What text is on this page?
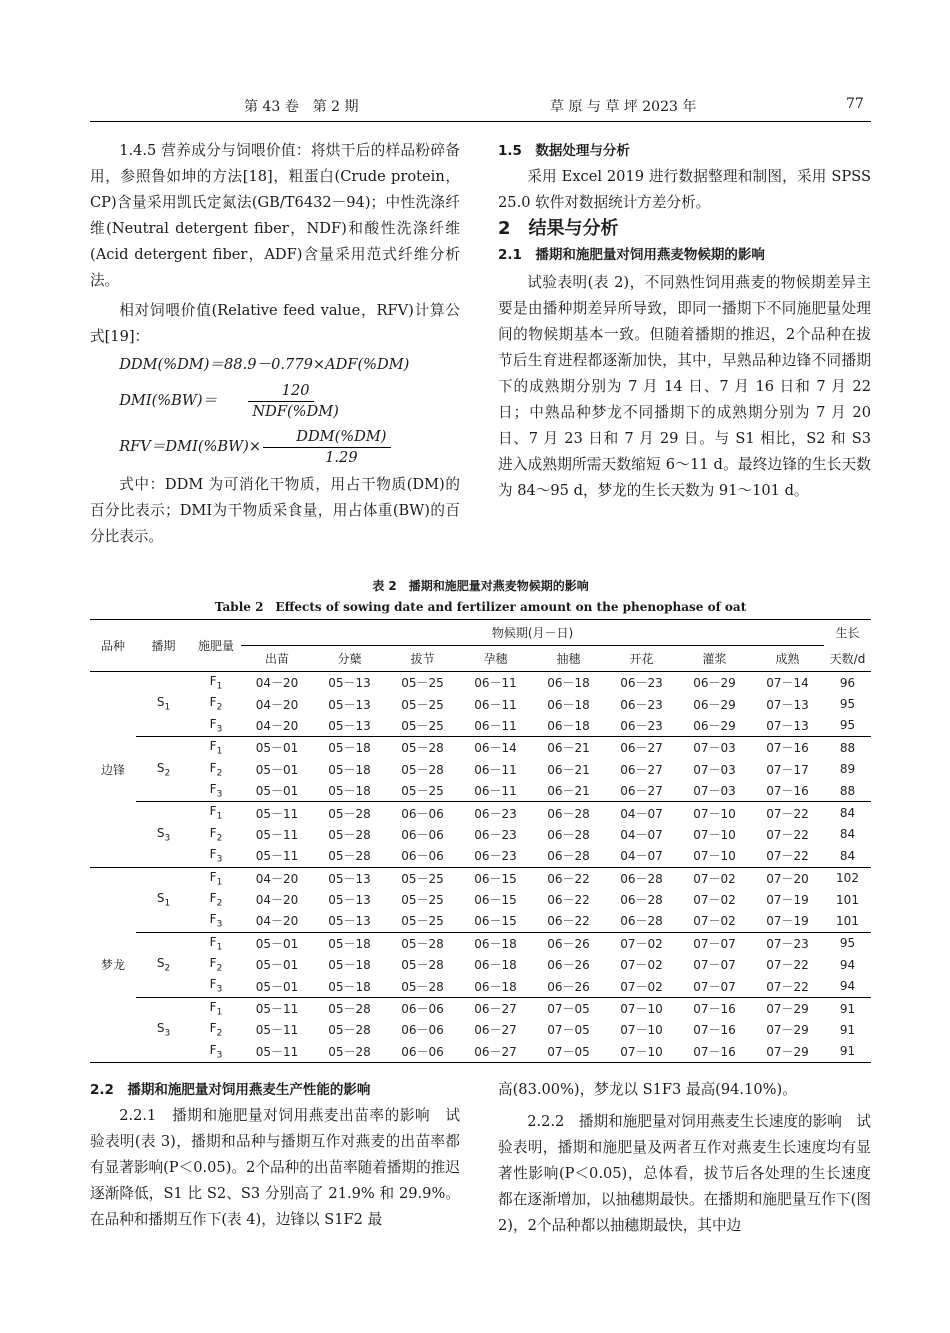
第 43 卷　第 2 期	草 原 与 草 坪 2023 年	77

1.4.5 营养成分与饲喂价值：将烘干后的样品粉碎备用，参照鲁如坤的方法[18]，粗蛋白(Crude protein，CP)含量采用凯氏定氮法(GB/T6432－94)；中性洗涤纤维(Neutral detergent fiber，NDF)和酸性洗涤纤维(Acid detergent fiber，ADF)含量采用范式纤维分析法。

相对饲喂价值(Relative feed value，RFV)计算公式[19]：

DDM(%DM)＝88.9－0.779×ADF(%DM)

$DMI(\%BW)= \frac{120}{\text{NDF(\%DM)}}$

$RFV=DMI(\%BW)\times \frac{\text{DDM(\%DM)}}{1.29}$

式中：DDM 为可消化干物质，用占干物质(DM)的百分比表示；DMI为干物质采食量，用占体重(BW)的百分比表示。

1.5　数据处理与分析

采用 Excel 2019 进行数据整理和制图，采用 SPSS 25.0 软件对数据统计方差分析。

2　结果与分析

2.1　播期和施肥量对饲用燕麦物候期的影响

试验表明(表 2)，不同熟性饲用燕麦的物候期差异主要是由播种期差异所导致，即同一播期下不同施肥量处理间的物候期基本一致。但随着播期的推迟，2个品种在拔节后生育进程都逐渐加快，其中，早熟品种边锋不同播期下的成熟期分别为 7 月 14 日、7 月 16 日和 7 月 22 日；中熟品种梦龙不同播期下的成熟期分别为 7 月 20 日、7 月 23 日和 7 月 29 日。与 S1 相比，S2 和 S3 进入成熟期所需天数缩短 6～11 d。最终边锋的生长天数为 84～95 d，梦龙的生长天数为 91～101 d。

表 2　播期和施肥量对燕麦物候期的影响
Table 2　Effects of sowing date and fertilizer amount on the phenophase of oat
品种	播期	施肥量	物候期(月－日)								生长
			出苗	分蘖	拔节	孕穗	抽穗	开花	灌浆	成熟	天数/d
边锋	$S_1$	$F_1$	04－20	05－13	05－25	06－11	06－18	06－23	06－29	07－14	96
		$F_2$	04－20	05－13	05－25	06－11	06－18	06－23	06－29	07－13	95
		$F_3$	04－20	05－13	05－25	06－11	06－18	06－23	06－29	07－13	95
	$S_2$	$F_1$	05－01	05－18	05－28	06－14	06－21	06－27	07－03	07－16	88
		$F_2$	05－01	05－18	05－28	06－11	06－21	06－27	07－03	07－17	89
		$F_3$	05－01	05－18	05－25	06－11	06－21	06－27	07－03	07－16	88
	$S_3$	$F_1$	05－11	05－28	06－06	06－23	06－28	04－07	07－10	07－22	84
		$F_2$	05－11	05－28	06－06	06－23	06－28	04－07	07－10	07－22	84
		$F_3$	05－11	05－28	06－06	06－23	06－28	04－07	07－10	07－22	84
梦龙	$S_1$	$F_1$	04－20	05－13	05－25	06－15	06－22	06－28	07－02	07－20	102
		$F_2$	04－20	05－13	05－25	06－15	06－22	06－28	07－02	07－19	101
		$F_3$	04－20	05－13	05－25	06－15	06－22	06－28	07－02	07－19	101
	$S_2$	$F_1$	05－01	05－18	05－28	06－18	06－26	07－02	07－07	07－23	95
		$F_2$	05－01	05－18	05－28	06－18	06－26	07－02	07－07	07－22	94
		$F_3$	05－01	05－18	05－28	06－18	06－26	07－02	07－07	07－22	94
	$S_3$	$F_1$	05－11	05－28	06－06	06－27	07－05	07－10	07－16	07－29	91
		$F_2$	05－11	05－28	06－06	06－27	07－05	07－10	07－16	07－29	91
		$F_3$	05－11	05－28	06－06	06－27	07－05	07－10	07－16	07－29	91

2.2　播期和施肥量对饲用燕麦生产性能的影响

2.2.1　播期和施肥量对饲用燕麦出苗率的影响　试验表明(表 3)，播期和品种与播期互作对燕麦的出苗率都有显著影响(P＜0.05)。2个品种的出苗率随着播期的推迟逐渐降低，S1 比 S2、S3 分别高了 21.9% 和 29.9%。在品种和播期互作下(表 4)，边锋以 S1F2 最

高(83.00%)，梦龙以 S1F3 最高(94.10%)。

2.2.2　播期和施肥量对饲用燕麦生长速度的影响　试验表明，播期和施肥量及两者互作对燕麦生长速度均有显著性影响(P＜0.05)，总体看，拔节后各处理的生长速度都在逐渐增加，以抽穗期最快。在播期和施肥量互作下(图 2)，2个品种都以抽穗期最快，其中边
